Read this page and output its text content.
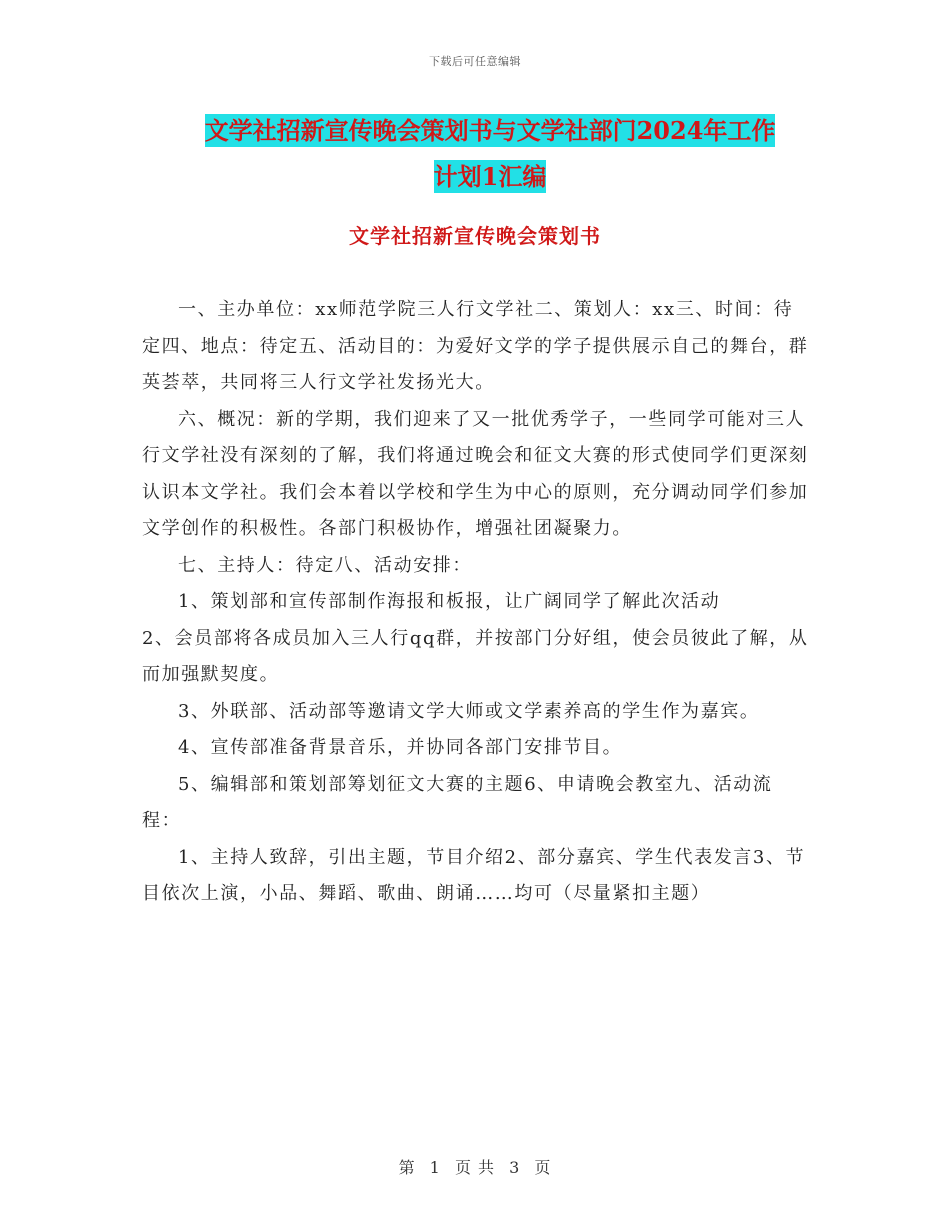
下载后可任意编辑
文学社招新宣传晚会策划书与文学社部门2024年工作
计划1汇编
文学社招新宣传晚会策划书

一、主办单位：xx师范学院三人行文学社二、策划人：xx三、时间：待定四、地点：待定五、活动目的：为爱好文学的学子提供展示自己的舞台，群英荟萃，共同将三人行文学社发扬光大。

六、概况：新的学期，我们迎来了又一批优秀学子，一些同学可能对三人行文学社没有深刻的了解，我们将通过晚会和征文大赛的形式使同学们更深刻认识本文学社。我们会本着以学校和学生为中心的原则，充分调动同学们参加文学创作的积极性。各部门积极协作，增强社团凝聚力。

七、主持人：待定八、活动安排：

1、策划部和宣传部制作海报和板报，让广阔同学了解此次活动

2、会员部将各成员加入三人行qq群，并按部门分好组，使会员彼此了解，从而加强默契度。

3、外联部、活动部等邀请文学大师或文学素养高的学生作为嘉宾。

4、宣传部准备背景音乐，并协同各部门安排节目。

5、编辑部和策划部筹划征文大赛的主题6、申请晚会教室九、活动流程：

1、主持人致辞，引出主题，节目介绍2、部分嘉宾、学生代表发言3、节目依次上演，小品、舞蹈、歌曲、朗诵……均可（尽量紧扣主题）

第 1 页 共 3 页
